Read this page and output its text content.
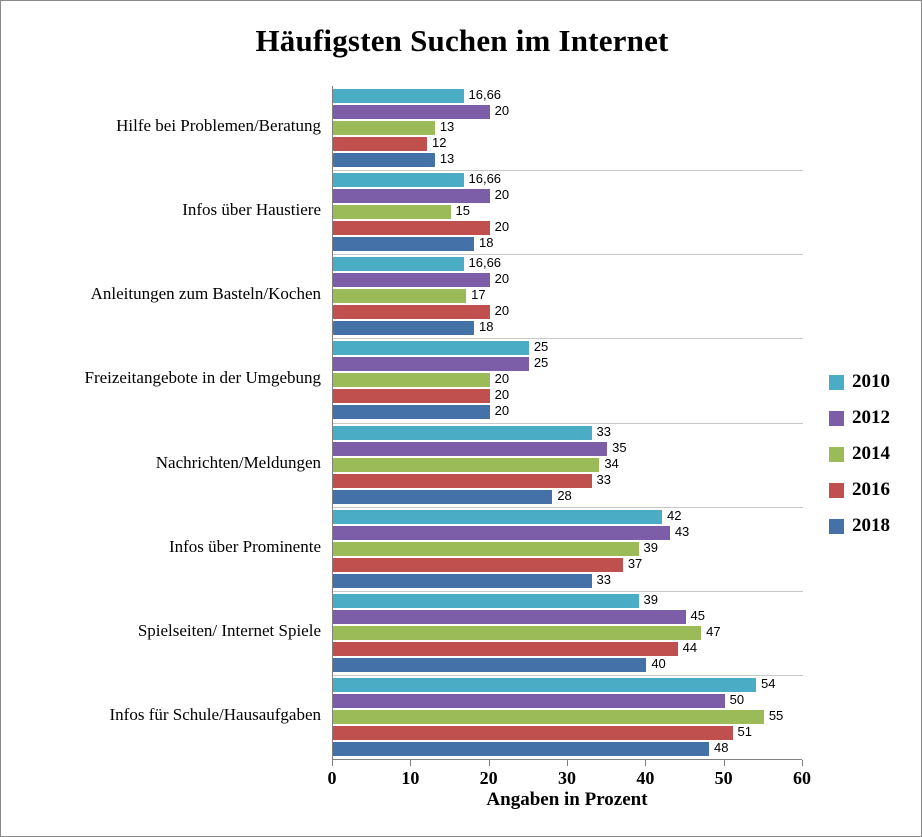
Häufigsten Suchen im Internet
16,66
20
13
12
13
16,66
20
15
20
18
16,66
20
17
20
18
25
25
20
20
20
33
35
34
33
28
42
43
39
37
33
39
45
47
44
40
54
50
55
51
48
0	10	20	30	40	50	60
Angaben in Prozent
2010
2012
2014
2016
2018
Hilfe bei Problemen/Beratung
Infos über Haustiere
Anleitungen zum Basteln/Kochen
Freizeitangebote in der Umgebung
Nachrichten/Meldungen
Infos über Prominente
Spielseiten/ Internet Spiele
Infos für Schule/Hausaufgaben
